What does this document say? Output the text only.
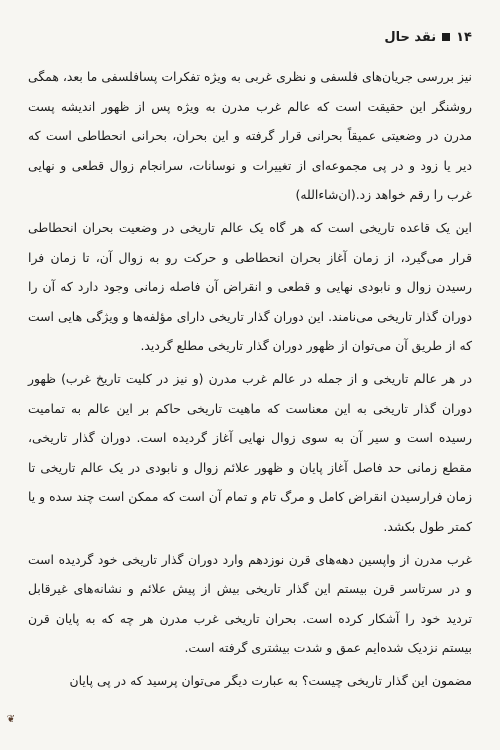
۱۴
نقد حال

نیز بررسی جریان‌های فلسفی و نظری غربی به ویژه تفکرات پسافلسفی ما بعد، همگی روشنگر این حقیقت است که عالم غرب مدرن به ویژه پس از ظهور اندیشه پست مدرن در وضعیتی عمیقاً بحرانی قرار گرفته و این بحران، بحرانی انحطاطی است که دیر یا زود و در پی مجموعه‌ای از تغییرات و نوسانات، سرانجام زوال قطعی و نهایی غرب را رقم خواهد زد.(ان‌شاءالله)

این یک قاعده تاریخی است که هر گاه یک عالم تاریخی در وضعیت بحران انحطاطی قرار می‌گیرد، از زمان آغاز بحران انحطاطی و حرکت رو به زوال آن، تا زمان فرا رسیدن زوال و نابودی نهایی و قطعی و انقراض آن فاصله زمانی وجود دارد که آن را دوران گذار تاریخی می‌نامند. این دوران گذار تاریخی دارای مؤلفه‌ها و ویژگی هایی است که از طریق آن می‌توان از ظهور دوران گذار تاریخی مطلع گردید.

در هر عالم تاریخی و از جمله در عالم غرب مدرن (و نیز در کلیت تاریخ غرب) ظهور دوران گذار تاریخی به این معناست که ماهیت تاریخی حاکم بر این عالم به تمامیت رسیده است و سیر آن به سوی زوال نهایی آغاز گردیده است. دوران گذار تاریخی، مقطع زمانی حد فاصل آغاز پایان و ظهور علائم زوال و نابودی در یک عالم تاریخی تا زمان فرارسیدن انقراض کامل و مرگ تام و تمام آن است که ممکن است چند سده و یا کمتر طول بکشد.

غرب مدرن از واپسین دهه‌های قرن نوزدهم وارد دوران گذار تاریخی خود گردیده است و در سرتاسر قرن بیستم این گذار تاریخی بیش از پیش علائم و نشانه‌های غیرقابل تردید خود را آشکار کرده است. بحران تاریخی غرب مدرن هر چه که به پایان قرن بیستم نزدیک شده‌ایم عمق و شدت بیشتری گرفته است.

مضمون این گذار تاریخی چیست؟ به عبارت دیگر می‌توان پرسید که در پی پایان

❦
